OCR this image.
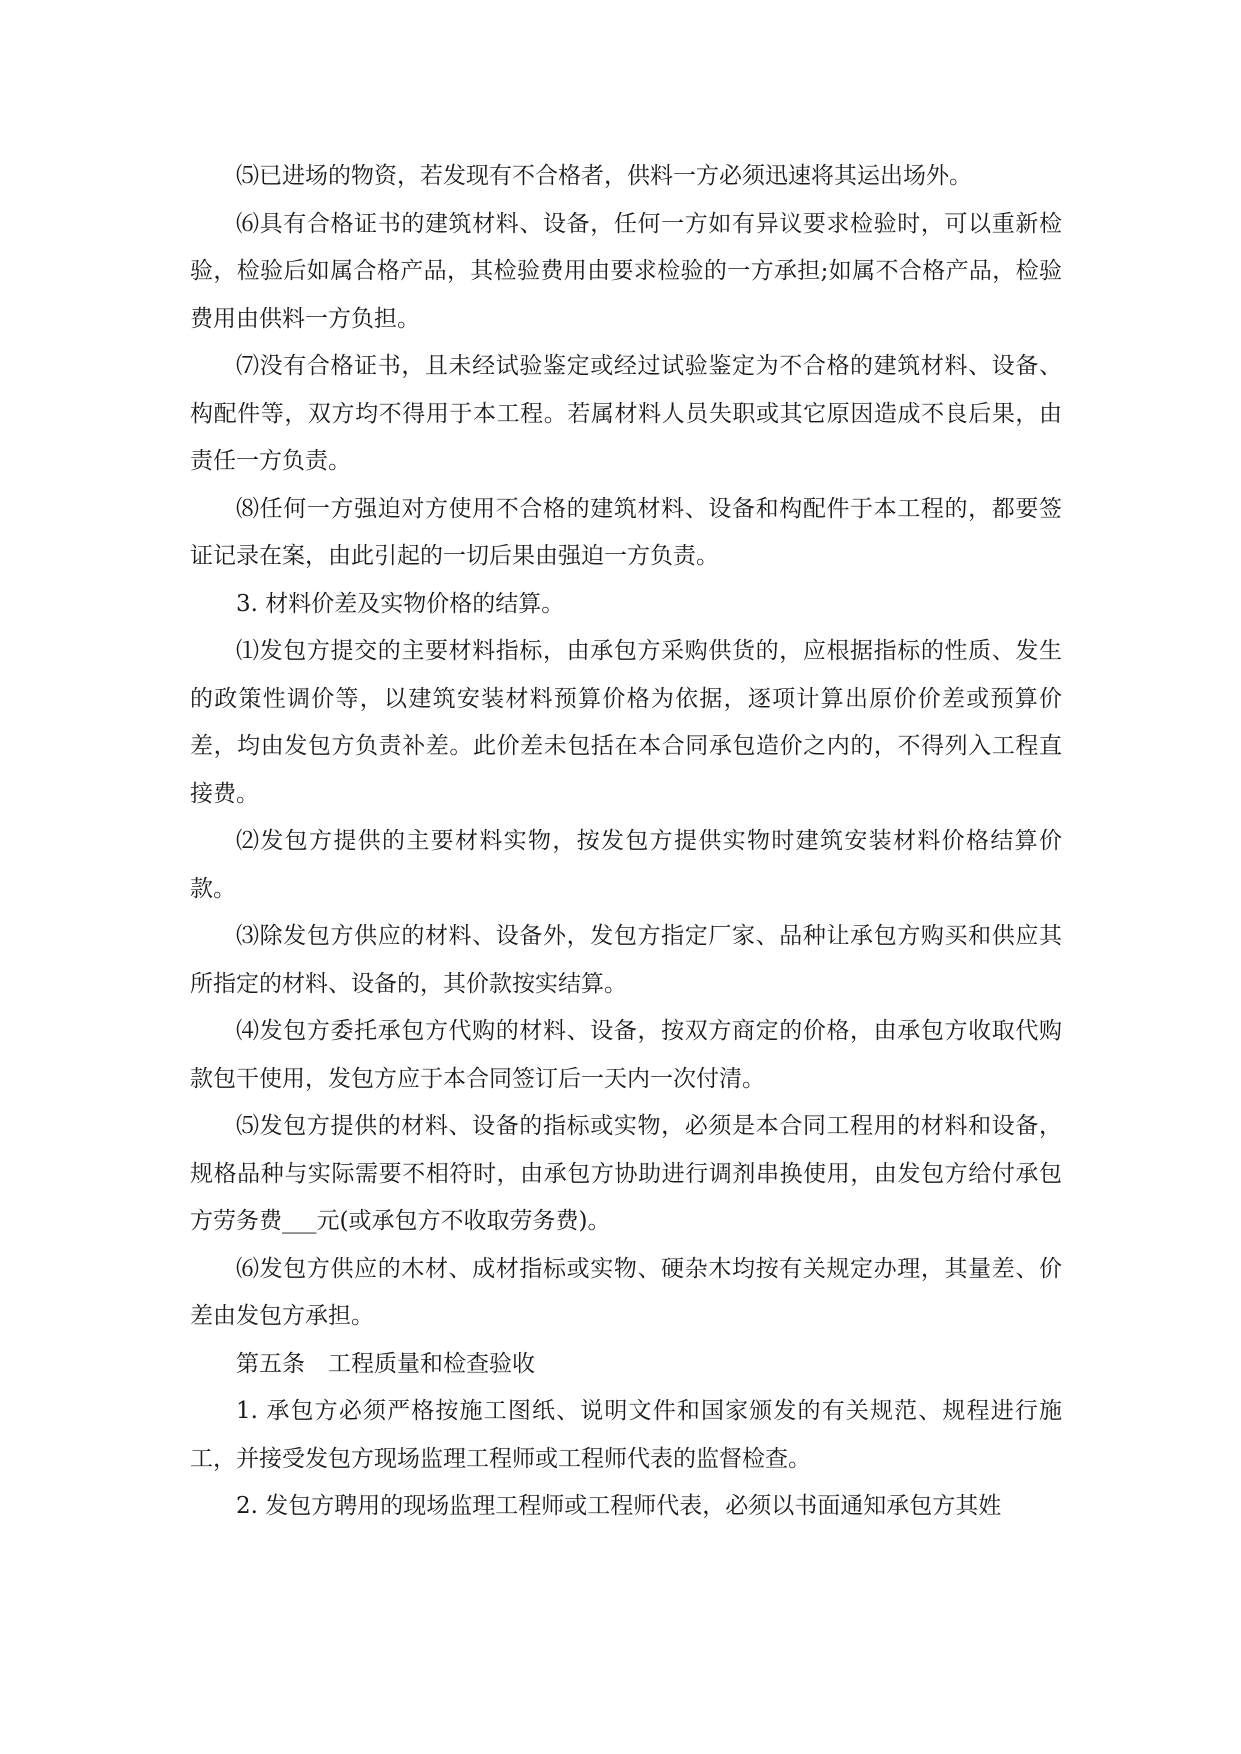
⑸已进场的物资，若发现有不合格者，供料一方必须迅速将其运出场外。

⑹具有合格证书的建筑材料、设备，任何一方如有异议要求检验时，可以重新检验，检验后如属合格产品，其检验费用由要求检验的一方承担;如属不合格产品，检验费用由供料一方负担。

⑺没有合格证书，且未经试验鉴定或经过试验鉴定为不合格的建筑材料、设备、构配件等，双方均不得用于本工程。若属材料人员失职或其它原因造成不良后果，由责任一方负责。

⑻任何一方强迫对方使用不合格的建筑材料、设备和构配件于本工程的，都要签证记录在案，由此引起的一切后果由强迫一方负责。

3. 材料价差及实物价格的结算。

⑴发包方提交的主要材料指标，由承包方采购供货的，应根据指标的性质、发生的政策性调价等，以建筑安装材料预算价格为依据，逐项计算出原价价差或预算价差，均由发包方负责补差。此价差未包括在本合同承包造价之内的，不得列入工程直接费。

⑵发包方提供的主要材料实物，按发包方提供实物时建筑安装材料价格结算价款。

⑶除发包方供应的材料、设备外，发包方指定厂家、品种让承包方购买和供应其所指定的材料、设备的，其价款按实结算。

⑷发包方委托承包方代购的材料、设备，按双方商定的价格，由承包方收取代购款包干使用，发包方应于本合同签订后一天内一次付清。

⑸发包方提供的材料、设备的指标或实物，必须是本合同工程用的材料和设备，规格品种与实际需要不相符时，由承包方协助进行调剂串换使用，由发包方给付承包方劳务费___元(或承包方不收取劳务费)。

⑹发包方供应的木材、成材指标或实物、硬杂木均按有关规定办理，其量差、价差由发包方承担。

第五条　工程质量和检查验收

1. 承包方必须严格按施工图纸、说明文件和国家颁发的有关规范、规程进行施工，并接受发包方现场监理工程师或工程师代表的监督检查。

2. 发包方聘用的现场监理工程师或工程师代表，必须以书面通知承包方其姓
